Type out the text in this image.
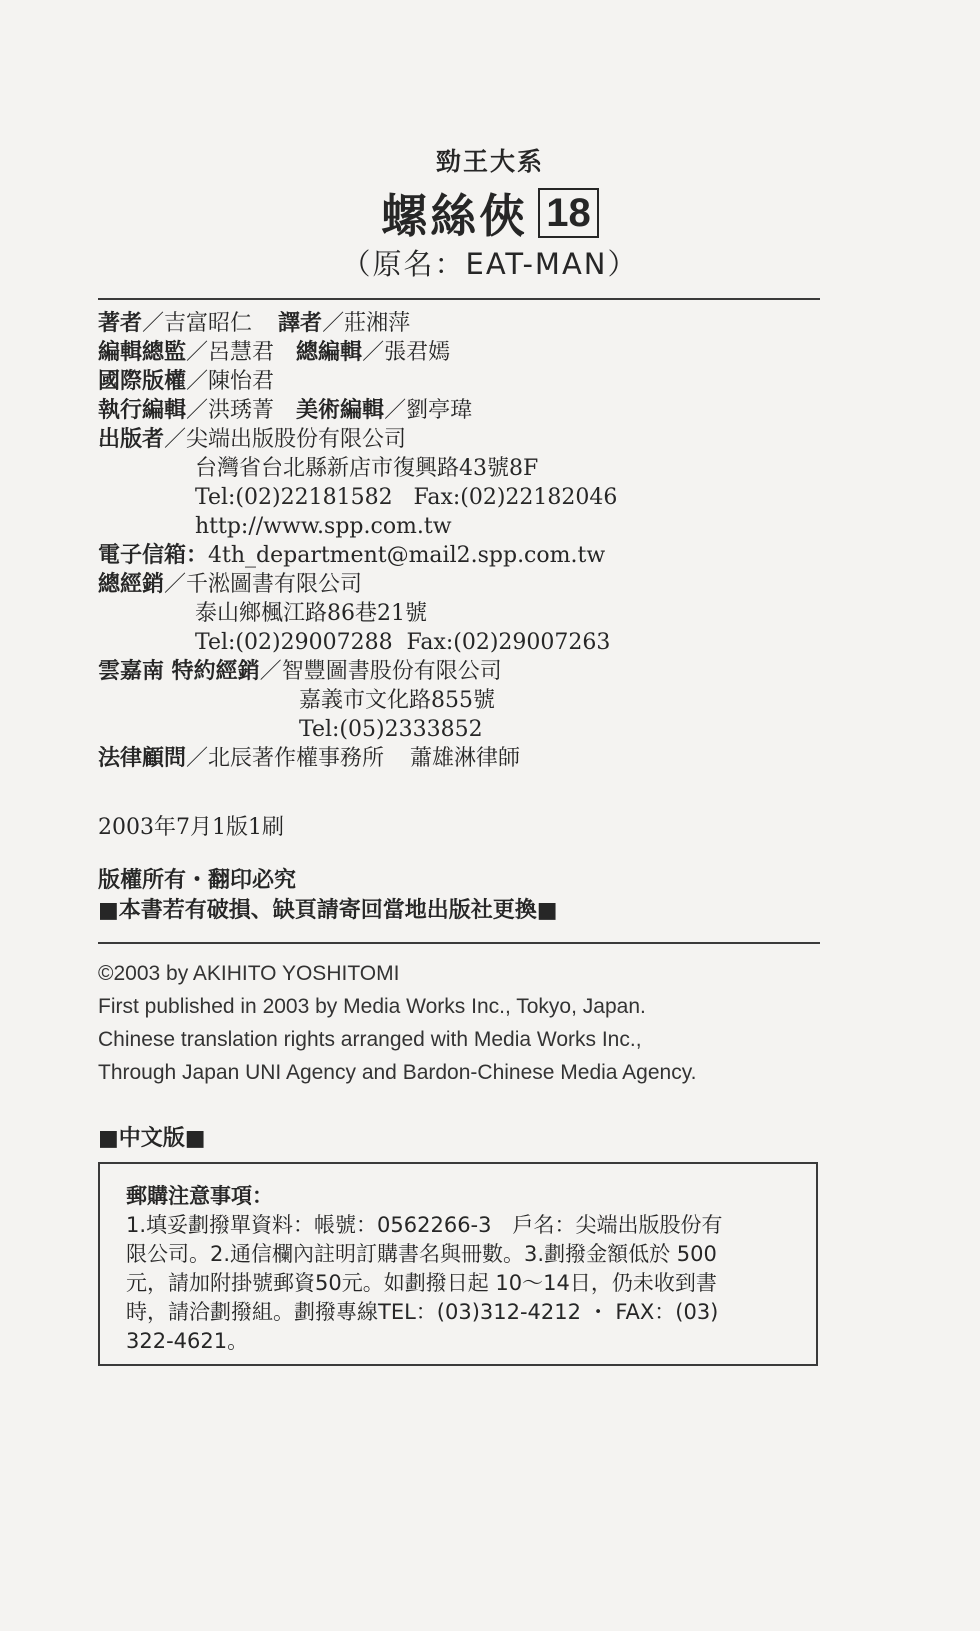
勁王大系
螺絲俠 18
（原名：EAT-MAN）
著者／吉富昭仁 譯者／莊湘萍
編輯總監／呂慧君 總編輯／張君嫣
國際版權／陳怡君
執行編輯／洪琇菁 美術編輯／劉亭瑋
出版者／尖端出版股份有限公司
台灣省台北縣新店市復興路43號8F
Tel:(02)22181582   Fax:(02)22182046
http://www.spp.com.tw
電子信箱：4th_department@mail2.spp.com.tw
總經銷／千淞圖書有限公司
泰山鄉楓江路86巷21號
Tel:(02)29007288  Fax:(02)29007263
雲嘉南 特約經銷／智豐圖書股份有限公司
嘉義市文化路855號
Tel:(05)2333852
法律顧問／北辰著作權事務所 蕭雄淋律師
2003年7月1版1刷
版權所有・翻印必究
■本書若有破損、缺頁請寄回當地出版社更換■
©2003 by AKIHITO YOSHITOMI
First published in 2003 by Media Works Inc., Tokyo, Japan.
Chinese translation rights arranged with Media Works Inc.,
Through Japan UNI Agency and Bardon-Chinese Media Agency.
■中文版■
郵購注意事項：
1.填妥劃撥單資料：帳號：0562266-3　戶名：尖端出版股份有
限公司。2.通信欄內註明訂購書名與冊數。3.劃撥金額低於 500
元，請加附掛號郵資50元。如劃撥日起 10～14日，仍未收到書
時，請洽劃撥組。劃撥專線TEL：(03)312-4212 ・ FAX：(03)
322-4621。
